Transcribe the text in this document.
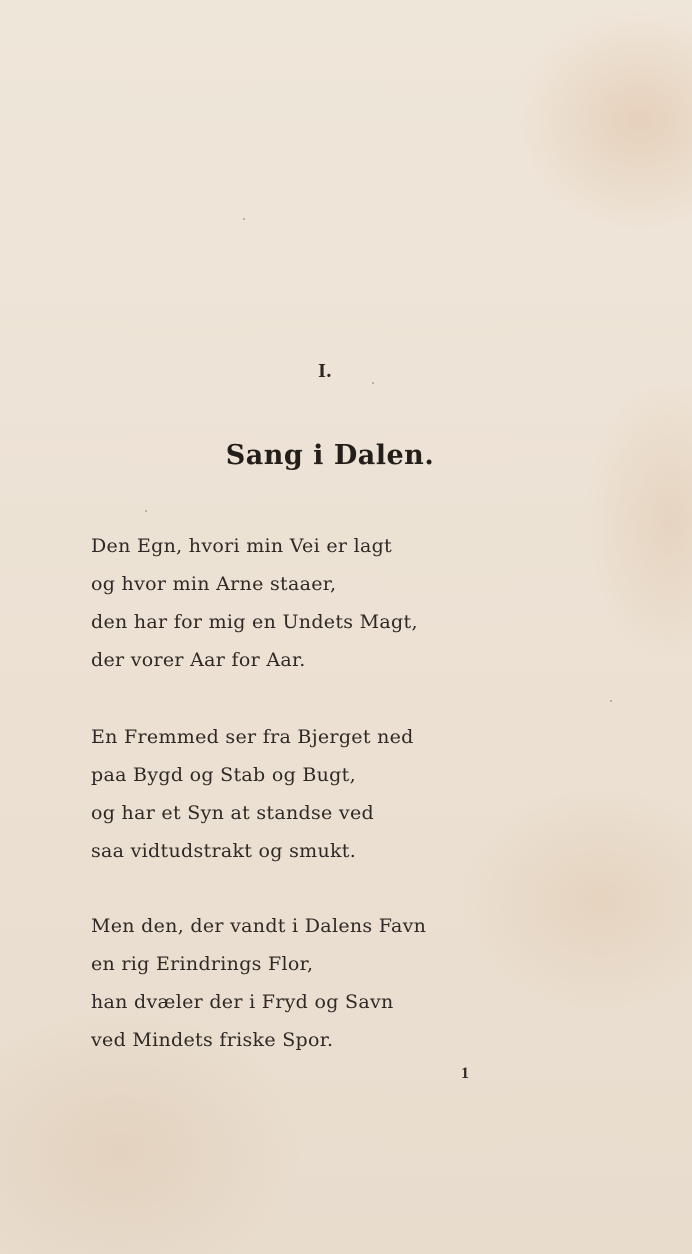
I.
Sang i Dalen.
Den Egn, hvori min Vei er lagt
og hvor min Arne staaer,
den har for mig en Undets Magt,
der vorer Aar for Aar.
En Fremmed ser fra Bjerget ned
paa Bygd og Stab og Bugt,
og har et Syn at standse ved
saa vidtudstrakt og smukt.
Men den, der vandt i Dalens Favn
en rig Erindrings Flor,
han dvæler der i Fryd og Savn
ved Mindets friske Spor.
1
